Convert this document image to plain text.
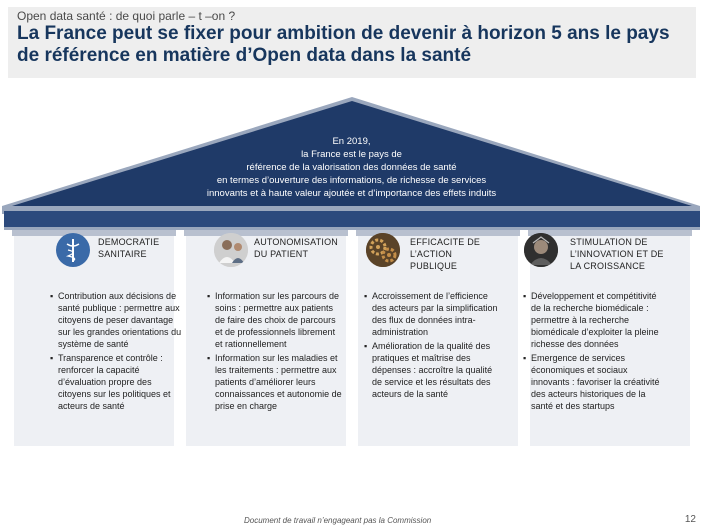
Open data santé : de quoi parle – t –on ?
La France peut se fixer pour ambition de devenir à horizon 5 ans le pays de référence en matière d’Open data dans la santé
En 2019,
la France est le pays de
référence de la valorisation des données de santé
en termes d’ouverture des informations, de richesse de services
innovants et à haute valeur ajoutée et d’importance des effets induits
DEMOCRATIE SANITAIRE
▪ Contribution aux décisions de santé publique : permettre aux citoyens de peser davantage sur les grandes orientations du système de santé
▪ Transparence et contrôle : renforcer la capacité d’évaluation propre des citoyens sur les politiques et acteurs de santé
AUTONOMISATION DU PATIENT
▪ Information sur les parcours de soins : permettre aux patients de faire des choix de parcours et de professionnels librement et rationnellement
▪ Information sur les maladies et les traitements : permettre aux patients d’améliorer leurs connaissances et autonomie de prise en charge
EFFICACITE DE L’ACTION PUBLIQUE
▪ Accroissement de l’efficience des acteurs par la simplification des flux de données intra-administration
▪ Amélioration de la qualité des pratiques et maîtrise des dépenses : accroître la qualité de service et les résultats des acteurs de la santé
STIMULATION DE L’INNOVATION ET DE LA CROISSANCE
▪ Développement et compétitivité de la recherche biomédicale : permettre à la recherche biomédicale d’exploiter la pleine richesse des données
▪ Emergence de services économiques et sociaux innovants : favoriser la créativité des acteurs historiques de la santé et des startups
Document de travail n’engageant pas la Commission	12
